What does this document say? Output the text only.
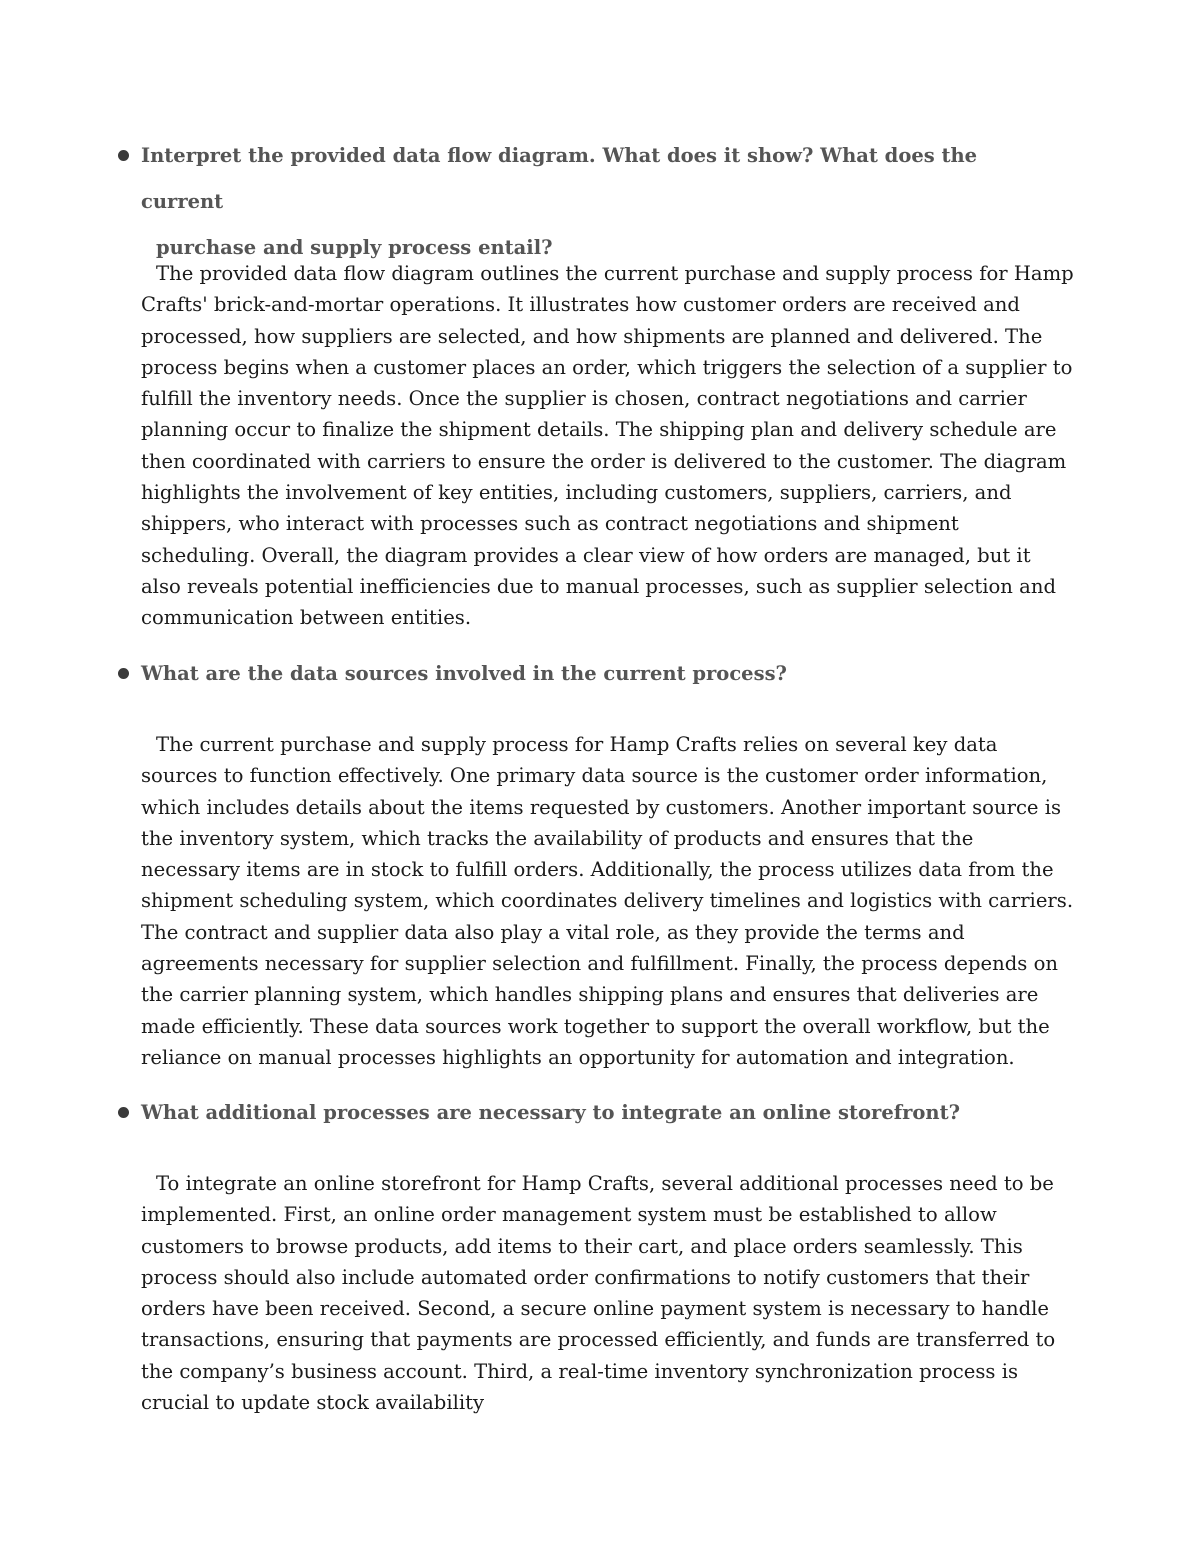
Interpret the provided data flow diagram. What does it show? What does the current
purchase and supply process entail?

The provided data flow diagram outlines the current purchase and supply process for Hamp Crafts' brick-and-mortar operations. It illustrates how customer orders are received and processed, how suppliers are selected, and how shipments are planned and delivered. The process begins when a customer places an order, which triggers the selection of a supplier to fulfill the inventory needs. Once the supplier is chosen, contract negotiations and carrier planning occur to finalize the shipment details. The shipping plan and delivery schedule are then coordinated with carriers to ensure the order is delivered to the customer. The diagram highlights the involvement of key entities, including customers, suppliers, carriers, and shippers, who interact with processes such as contract negotiations and shipment scheduling. Overall, the diagram provides a clear view of how orders are managed, but it also reveals potential inefficiencies due to manual processes, such as supplier selection and communication between entities.

What are the data sources involved in the current process?

The current purchase and supply process for Hamp Crafts relies on several key data sources to function effectively. One primary data source is the customer order information, which includes details about the items requested by customers. Another important source is the inventory system, which tracks the availability of products and ensures that the necessary items are in stock to fulfill orders. Additionally, the process utilizes data from the shipment scheduling system, which coordinates delivery timelines and logistics with carriers. The contract and supplier data also play a vital role, as they provide the terms and agreements necessary for supplier selection and fulfillment. Finally, the process depends on the carrier planning system, which handles shipping plans and ensures that deliveries are made efficiently. These data sources work together to support the overall workflow, but the reliance on manual processes highlights an opportunity for automation and integration.

What additional processes are necessary to integrate an online storefront?

To integrate an online storefront for Hamp Crafts, several additional processes need to be implemented. First, an online order management system must be established to allow customers to browse products, add items to their cart, and place orders seamlessly. This process should also include automated order confirmations to notify customers that their orders have been received. Second, a secure online payment system is necessary to handle transactions, ensuring that payments are processed efficiently, and funds are transferred to the company’s business account. Third, a real-time inventory synchronization process is crucial to update stock availability
